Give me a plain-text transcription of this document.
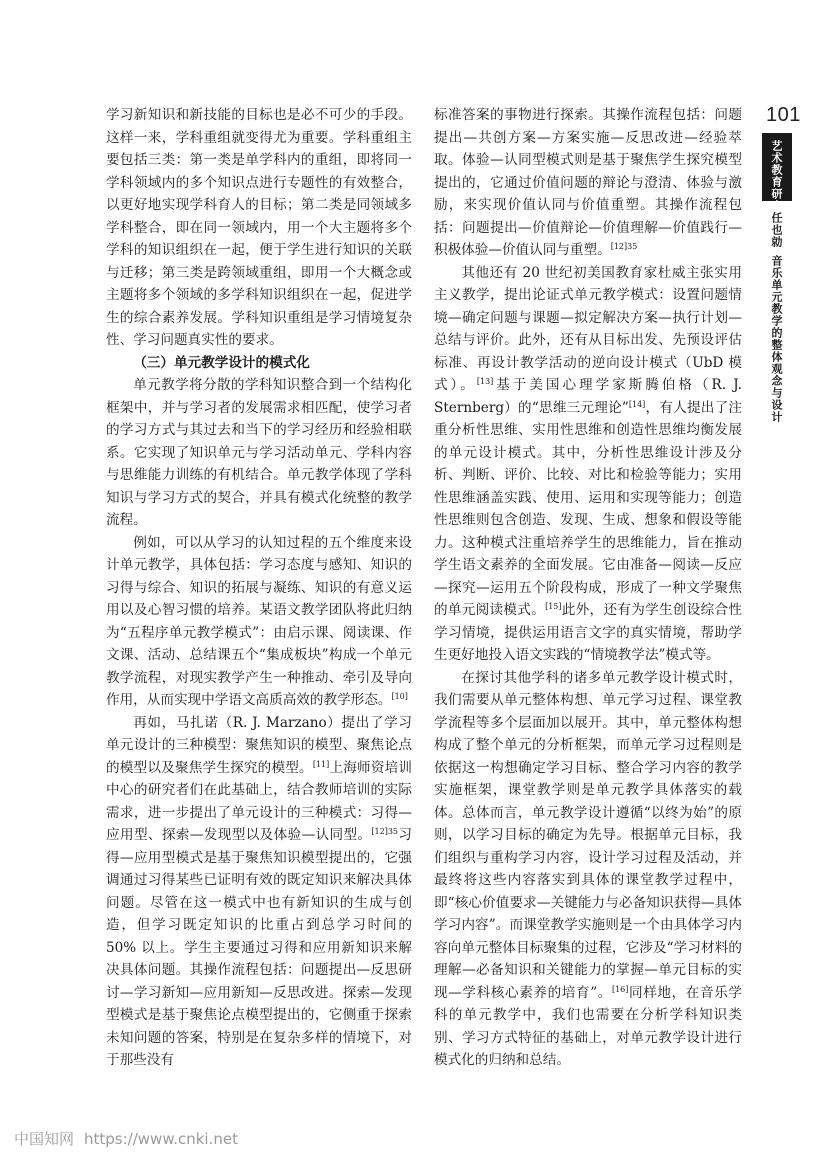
101
艺术教育研究
任也勍
音乐单元教学的整体观念与设计

学习新知识和新技能的目标也是必不可少的手段。这样一来，学科重组就变得尤为重要。学科重组主要包括三类：第一类是单学科内的重组，即将同一学科领域内的多个知识点进行专题性的有效整合，以更好地实现学科育人的目标；第二类是同领域多学科整合，即在同一领域内，用一个大主题将多个学科的知识组织在一起，便于学生进行知识的关联与迁移；第三类是跨领域重组，即用一个大概念或主题将多个领域的多学科知识组织在一起，促进学生的综合素养发展。学科知识重组是学习情境复杂性、学习问题真实性的要求。

（三）单元教学设计的模式化

单元教学将分散的学科知识整合到一个结构化框架中，并与学习者的发展需求相匹配，使学习者的学习方式与其过去和当下的学习经历和经验相联系。它实现了知识单元与学习活动单元、学科内容与思维能力训练的有机结合。单元教学体现了学科知识与学习方式的契合，并具有模式化统整的教学流程。

例如，可以从学习的认知过程的五个维度来设计单元教学，具体包括：学习态度与感知、知识的习得与综合、知识的拓展与凝练、知识的有意义运用以及心智习惯的培养。某语文教学团队将此归纳为“五程序单元教学模式”：由启示课、阅读课、作文课、活动、总结课五个“集成板块”构成一个单元教学流程，对现实教学产生一种推动、牵引及导向作用，从而实现中学语文高质高效的教学形态。[10]

再如，马扎诺（R. J. Marzano）提出了学习单元设计的三种模型：聚焦知识的模型、聚焦论点的模型以及聚焦学生探究的模型。[11]上海师资培训中心的研究者们在此基础上，结合教师培训的实际需求，进一步提出了单元设计的三种模式：习得—应用型、探索—发现型以及体验—认同型。$^{[12]35}$习得—应用型模式是基于聚焦知识模型提出的，它强调通过习得某些已证明有效的既定知识来解决具体问题。尽管在这一模式中也有新知识的生成与创造，但学习既定知识的比重占到总学习时间的 50% 以上。学生主要通过习得和应用新知识来解决具体问题。其操作流程包括：问题提出—反思研讨—学习新知—应用新知—反思改进。探索—发现型模式是基于聚焦论点模型提出的，它侧重于探索未知问题的答案，特别是在复杂多样的情境下，对于那些没有

标准答案的事物进行探索。其操作流程包括：问题提出—共创方案—方案实施—反思改进—经验萃取。体验—认同型模式则是基于聚焦学生探究模型提出的，它通过价值问题的辩论与澄清、体验与激励，来实现价值认同与价值重塑。其操作流程包括：问题提出—价值辩论—价值理解—价值践行—积极体验—价值认同与重塑。$^{[12]35}$

其他还有 20 世纪初美国教育家杜威主张实用主义教学，提出论证式单元教学模式：设置问题情境—确定问题与课题—拟定解决方案—执行计划—总结与评价。此外，还有从目标出发、先预设评估标准、再设计教学活动的逆向设计模式（UbD 模式）。[13]基于美国心理学家斯腾伯格（R. J. Sternberg）的“思维三元理论”[14]，有人提出了注重分析性思维、实用性思维和创造性思维均衡发展的单元设计模式。其中，分析性思维设计涉及分析、判断、评价、比较、对比和检验等能力；实用性思维涵盖实践、使用、运用和实现等能力；创造性思维则包含创造、发现、生成、想象和假设等能力。这种模式注重培养学生的思维能力，旨在推动学生语文素养的全面发展。它由准备—阅读—反应—探究—运用五个阶段构成，形成了一种文学聚焦的单元阅读模式。[15]此外，还有为学生创设综合性学习情境，提供运用语言文字的真实情境，帮助学生更好地投入语文实践的“情境教学法”模式等。

在探讨其他学科的诸多单元教学设计模式时，我们需要从单元整体构想、单元学习过程、课堂教学流程等多个层面加以展开。其中，单元整体构想构成了整个单元的分析框架，而单元学习过程则是依据这一构想确定学习目标、整合学习内容的教学实施框架，课堂教学则是单元教学具体落实的载体。总体而言，单元教学设计遵循“以终为始”的原则，以学习目标的确定为先导。根据单元目标，我们组织与重构学习内容，设计学习过程及活动，并最终将这些内容落实到具体的课堂教学过程中，即“核心价值要求—关键能力与必备知识获得—具体学习内容”。而课堂教学实施则是一个由具体学习内容向单元整体目标聚集的过程，它涉及“学习材料的理解—必备知识和关键能力的掌握—单元目标的实现—学科核心素养的培育”。[16]同样地，在音乐学科的单元教学中，我们也需要在分析学科知识类别、学习方式特征的基础上，对单元教学设计进行模式化的归纳和总结。

中国知网 https://www.cnki.net
